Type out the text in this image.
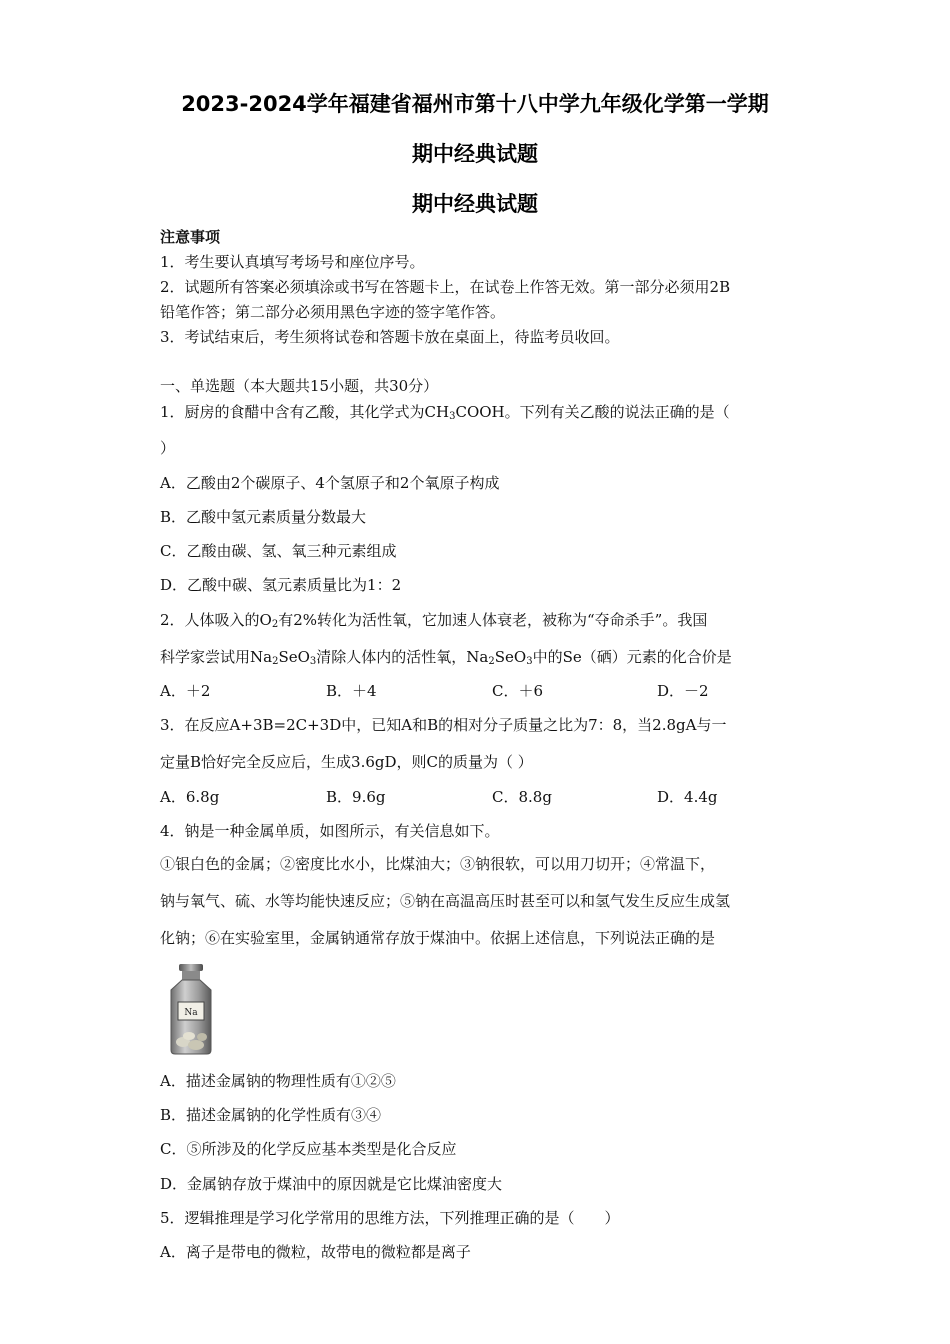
2023-2024学年福建省福州市第十八中学九年级化学第一学期
期中经典试题
期中经典试题
注意事项
1．考生要认真填写考场号和座位序号。
2．试题所有答案必须填涂或书写在答题卡上，在试卷上作答无效。第一部分必须用2B
铅笔作答；第二部分必须用黑色字迹的签字笔作答。
3．考试结束后，考生须将试卷和答题卡放在桌面上，待监考员收回。
一、单选题（本大题共15小题，共30分）
1．厨房的食醋中含有乙酸，其化学式为$CH_3COOH$。下列有关乙酸的说法正确的是（
）
A．乙酸由2个碳原子、4个氢原子和2个氧原子构成
B．乙酸中氢元素质量分数最大
C．乙酸由碳、氢、氧三种元素组成
D．乙酸中碳、氢元素质量比为1：2
2．人体吸入的$O_2$有2%转化为活性氧，它加速人体衰老，被称为“夺命杀手”。我国
科学家尝试用$Na_2SeO_3$清除人体内的活性氧，$Na_2SeO_3$中的Se（硒）元素的化合价是
A．＋2	B．＋4	C．＋6	D．－2
3．在反应A+3B=2C+3D中，已知A和B的相对分子质量之比为7：8，当2.8gA与一
定量B恰好完全反应后，生成3.6gD，则C的质量为（ ）
A．6.8g	B．9.6g	C．8.8g	D．4.4g
4．钠是一种金属单质，如图所示，有关信息如下。
①银白色的金属；②密度比水小，比煤油大；③钠很软，可以用刀切开；④常温下，
钠与氧气、硫、水等均能快速反应；⑤钠在高温高压时甚至可以和氢气发生反应生成氢
化钠；⑥在实验室里，金属钠通常存放于煤油中。依据上述信息，下列说法正确的是
Na
A．描述金属钠的物理性质有①②⑤
B．描述金属钠的化学性质有③④
C．⑤所涉及的化学反应基本类型是化合反应
D．金属钠存放于煤油中的原因就是它比煤油密度大
5．逻辑推理是学习化学常用的思维方法，下列推理正确的是（　　）
A．离子是带电的微粒，故带电的微粒都是离子
